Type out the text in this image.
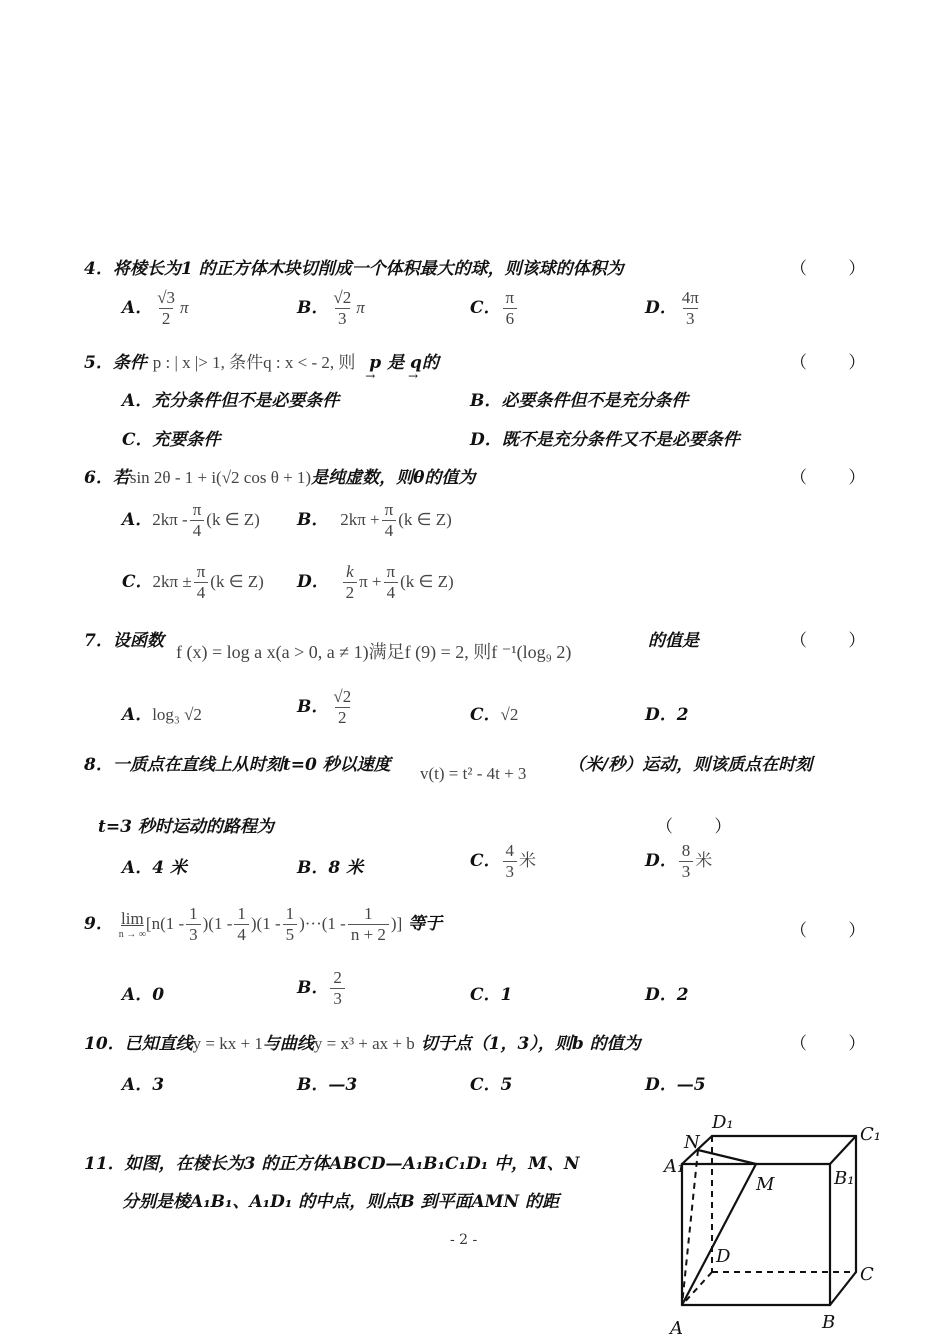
4．将棱长为1 的正方体木块切削成一个体积最大的球，则该球的体积为	（ ）
A． $\frac{√3}{2}$ π	B． $\frac{√2}{3}$ π	C． $\frac{\pi}{6}$	D． $\frac{4\pi}{3}$
5．条件 p : | x |> 1, 条件q : x < - 2, 则 p
→
是 q
→
的	（ ）
A．充分条件但不是必要条件	B．必要条件但不是充分条件
C．充要条件	D．既不是充分条件又不是必要条件
6．若sin 2θ - 1 + i(√2 cos θ + 1)是纯虚数，则θ的值为	（ ）
A．$2k\pi - \frac{\pi}{4} (k$ ∈ Z) B． $2k\pi + \frac{\pi}{4} (k$ ∈ Z)
C．$2k\pi \pm \frac{\pi}{4} (k$ ∈ Z) D． $\frac{k}{2}$ $\pi + \frac{\pi}{4} (k$ ∈ Z)
7．设函数
f (x) = log a x(a > 0, a ≠ 1)满足f (9) = 2, 则f ⁻¹(log₉ 2)
的值是	（ ）
A．log₃ √2	B． $\frac{√2}{2}$	C．√2	D．2
8．一质点在直线上从时刻t=0 秒以速度 v(t) = t² - 4t + 3 （米/秒）运动，则该质点在时刻
t=3 秒时运动的路程为	（ ）
A．4 米	B．8 米	C． $\frac{4}{3}$ 米	D． $\frac{8}{3}$ 米
9． lim
n → ∞
[$n(1 - \frac{1}{3} )(1 - \frac{1}{4} )(1 - \frac{1}{5} )\cdot\cdot\cdot(1 - \frac{1}{n + 2}$ )] 等于	（ ）
A．0	B． $\frac{2}{3}$	C．1	D．2
10．已知直线y = kx + 1与曲线y = x³ + ax + b 切于点（1，3），则b 的值为	（ ）
A．3	B．—3	C．5	D．—5
11．如图，在棱长为3 的正方体ABCD—A₁B₁C₁D₁ 中，M、N
分别是棱A₁B₁、A₁D₁ 的中点，则点B 到平面AMN 的距
D₁
C₁
N
A₁
M	B₁
D
C
A	B
- 2 -
